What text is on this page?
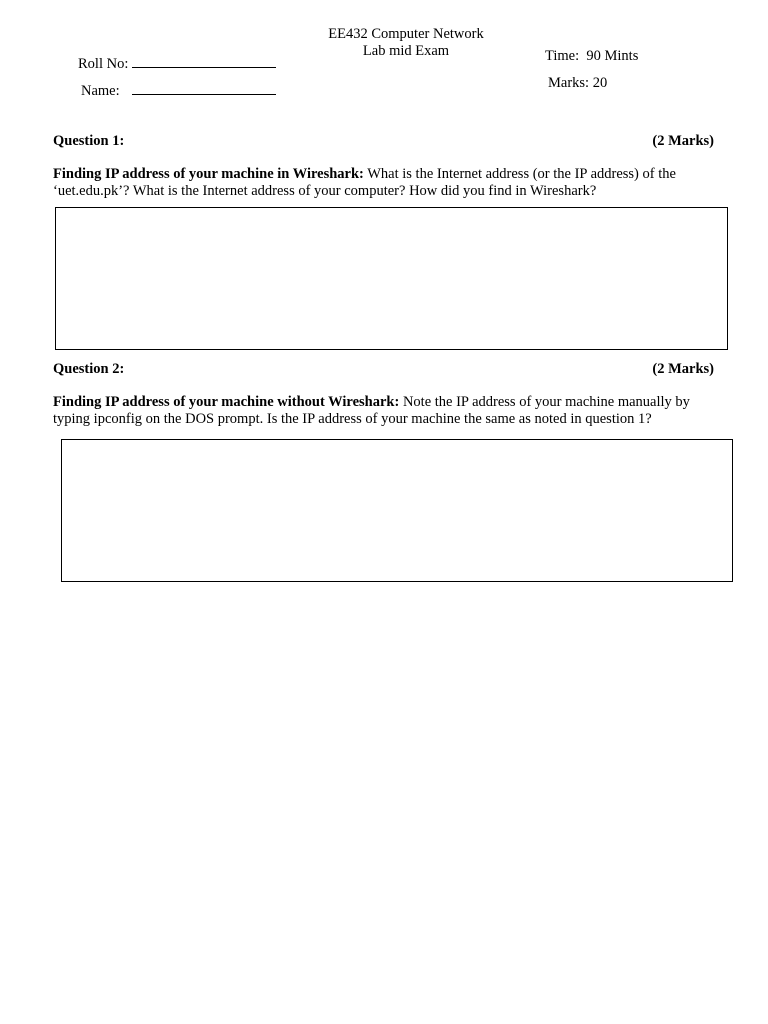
EE432 Computer Network
Lab mid Exam
Roll No:
Name:
Time:  90 Mints
Marks: 20
Question 1:	(2 Marks)
Finding IP address of your machine in Wireshark: What is the Internet address (or the IP address) of the ‘uet.edu.pk’? What is the Internet address of your computer? How did you find in Wireshark?
Question 2:	(2 Marks)
Finding IP address of your machine without Wireshark: Note the IP address of your machine manually by typing ipconfig on the DOS prompt. Is the IP address of your machine the same as noted in question 1?
